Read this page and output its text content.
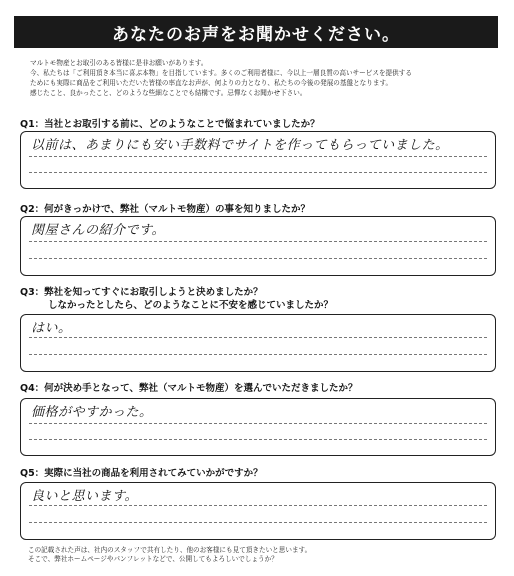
あなたのお声をお聞かせください。
マルトモ物産とお取引のある皆様に是非お願いがあります。
今、私たちは「ご利用頂き本当に喜ぶ本物」を目指しています。多くのご利用者様に、今以上一層良質の高いサービスを提供する
ためにも実際に商品をご利用いただいた皆様の率直なお声が、何よりの力となり、私たちの今後の発展の基盤となります。
感じたこと、良かったこと、どのような些細なことでも結構です。忌憚なくお聞かせ下さい。
Q1：当社とお取引する前に、どのようなことで悩まれていましたか？
以前は、あまりにも安い手数料でサイトを作ってもらっていました。
Q2：何がきっかけで、弊社（マルトモ物産）の事を知りましたか？
関屋さんの紹介です。
Q3：弊社を知ってすぐにお取引しようと決めましたか？
しなかったとしたら、どのようなことに不安を感じていましたか？
はい。
Q4：何が決め手となって、弊社（マルトモ物産）を選んでいただきましたか？
価格がやすかった。
Q5：実際に当社の商品を利用されてみていかがですか？
良いと思います。
この記載された声は、社内のスタッフで共有したり、他のお客様にも見て頂きたいと思います。
そこで、弊社ホームページやパンフレットなどで、公開してもよろしいでしょうか？
